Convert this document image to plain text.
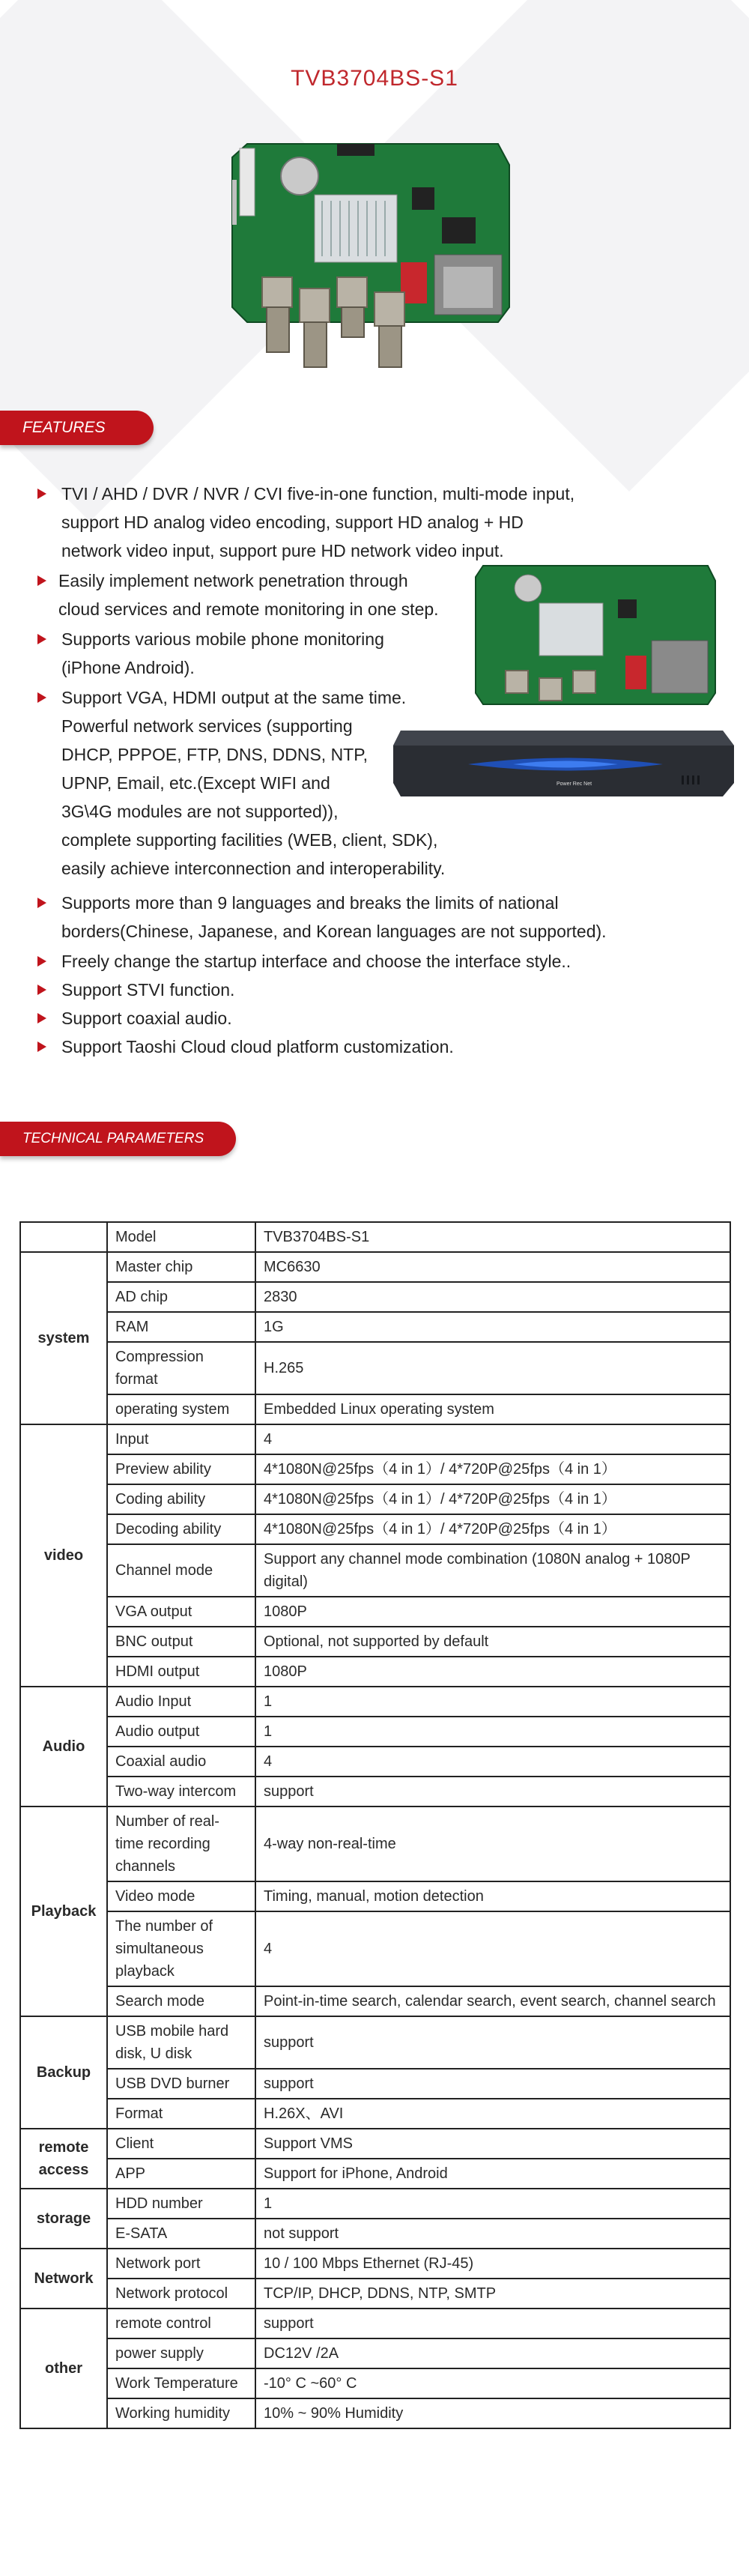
TVB3704BS-S1
FEATURES
TVI / AHD / DVR / NVR / CVI five-in-one function, multi-mode input,
support HD analog video encoding, support HD analog + HD
network video input, support pure HD network video input.
Easily implement network penetration through
cloud services and remote monitoring in one step.
Supports various mobile phone monitoring
(iPhone Android).
Support VGA, HDMI output at the same time.
Powerful network services (supporting
DHCP, PPPOE, FTP, DNS, DDNS, NTP,
UPNP, Email, etc.(Except WIFI and
3G\4G modules are not supported)),
complete supporting facilities (WEB, client, SDK),
easily achieve interconnection and interoperability.
Supports more than 9 languages and breaks the limits of national
borders(Chinese, Japanese, and Korean languages are not supported).
Freely change the startup interface and choose the interface style..
Support STVI function.
Support coaxial audio.
Support Taoshi Cloud cloud platform customization.
Power Rec Net
TECHNICAL PARAMETERS
	Model	TVB3704BS-S1
system	Master chip	MC6630
	AD chip	2830
	RAM	1G
	Compression format	H.265
	operating system	Embedded Linux operating system
video	Input	4
	Preview ability	4*1080N@25fps（4 in 1）/ 4*720P@25fps（4 in 1）
	Coding ability	4*1080N@25fps（4 in 1）/ 4*720P@25fps（4 in 1）
	Decoding ability	4*1080N@25fps（4 in 1）/ 4*720P@25fps（4 in 1）
	Channel mode	Support any channel mode combination (1080N analog + 1080P digital)
	VGA output	1080P
	BNC output	Optional, not supported by default
	HDMI output	1080P
Audio	Audio Input	1
	Audio output	1
	Coaxial audio	4
	Two-way intercom	support
Playback	Number of real-time recording channels	4-way non-real-time
	Video mode	Timing, manual, motion detection
	The number of simultaneous playback	4
	Search mode	Point-in-time search, calendar search, event search, channel search
Backup	USB mobile hard disk, U disk	support
	USB DVD burner	support
	Format	H.26X、AVI
remote access	Client	Support VMS
	APP	Support for iPhone, Android
storage	HDD number	1
	E-SATA	not support
Network	Network port	10 / 100 Mbps Ethernet (RJ-45)
	Network protocol	TCP/IP, DHCP, DDNS, NTP, SMTP
other	remote control	support
	power supply	DC12V /2A
	Work Temperature	-10° C ~60° C
	Working humidity	10% ~ 90% Humidity
